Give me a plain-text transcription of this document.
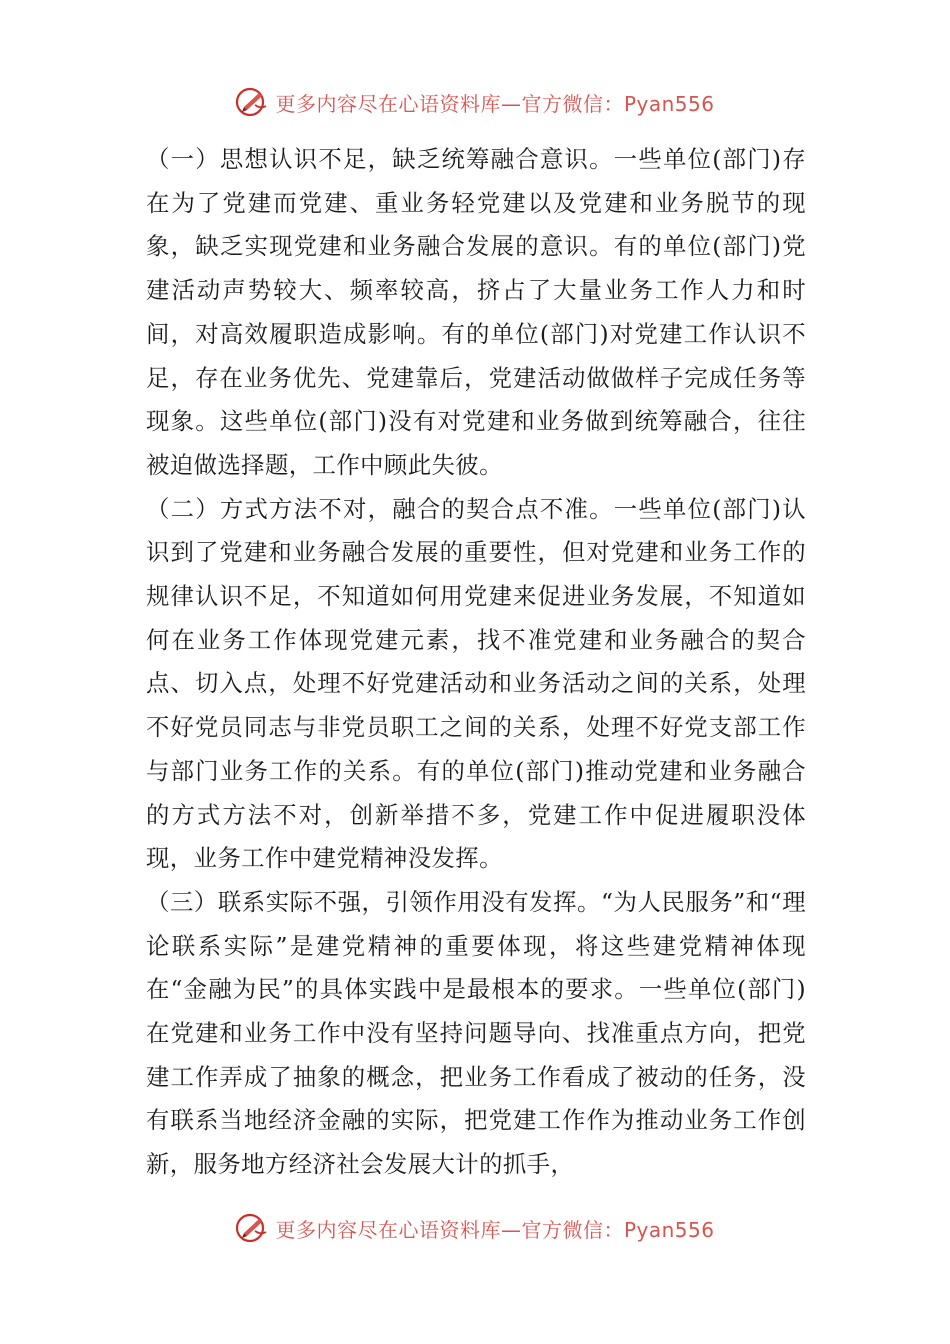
更多内容尽在心语资料库—官方微信：Pyan556

（一）思想认识不足，缺乏统筹融合意识。一些单位(部门)存在为了党建而党建、重业务轻党建以及党建和业务脱节的现象，缺乏实现党建和业务融合发展的意识。有的单位(部门)党建活动声势较大、频率较高，挤占了大量业务工作人力和时间，对高效履职造成影响。有的单位(部门)对党建工作认识不足，存在业务优先、党建靠后，党建活动做做样子完成任务等现象。这些单位(部门)没有对党建和业务做到统筹融合，往往被迫做选择题，工作中顾此失彼。

（二）方式方法不对，融合的契合点不准。一些单位(部门)认识到了党建和业务融合发展的重要性，但对党建和业务工作的规律认识不足，不知道如何用党建来促进业务发展，不知道如何在业务工作体现党建元素，找不准党建和业务融合的契合点、切入点，处理不好党建活动和业务活动之间的关系，处理不好党员同志与非党员职工之间的关系，处理不好党支部工作与部门业务工作的关系。有的单位(部门)推动党建和业务融合的方式方法不对，创新举措不多，党建工作中促进履职没体现，业务工作中建党精神没发挥。

（三）联系实际不强，引领作用没有发挥。“为人民服务”和“理论联系实际”是建党精神的重要体现，将这些建党精神体现在“金融为民”的具体实践中是最根本的要求。一些单位(部门)在党建和业务工作中没有坚持问题导向、找准重点方向，把党建工作弄成了抽象的概念，把业务工作看成了被动的任务，没有联系当地经济金融的实际，把党建工作作为推动业务工作创新，服务地方经济社会发展大计的抓手，

更多内容尽在心语资料库—官方微信：Pyan556
